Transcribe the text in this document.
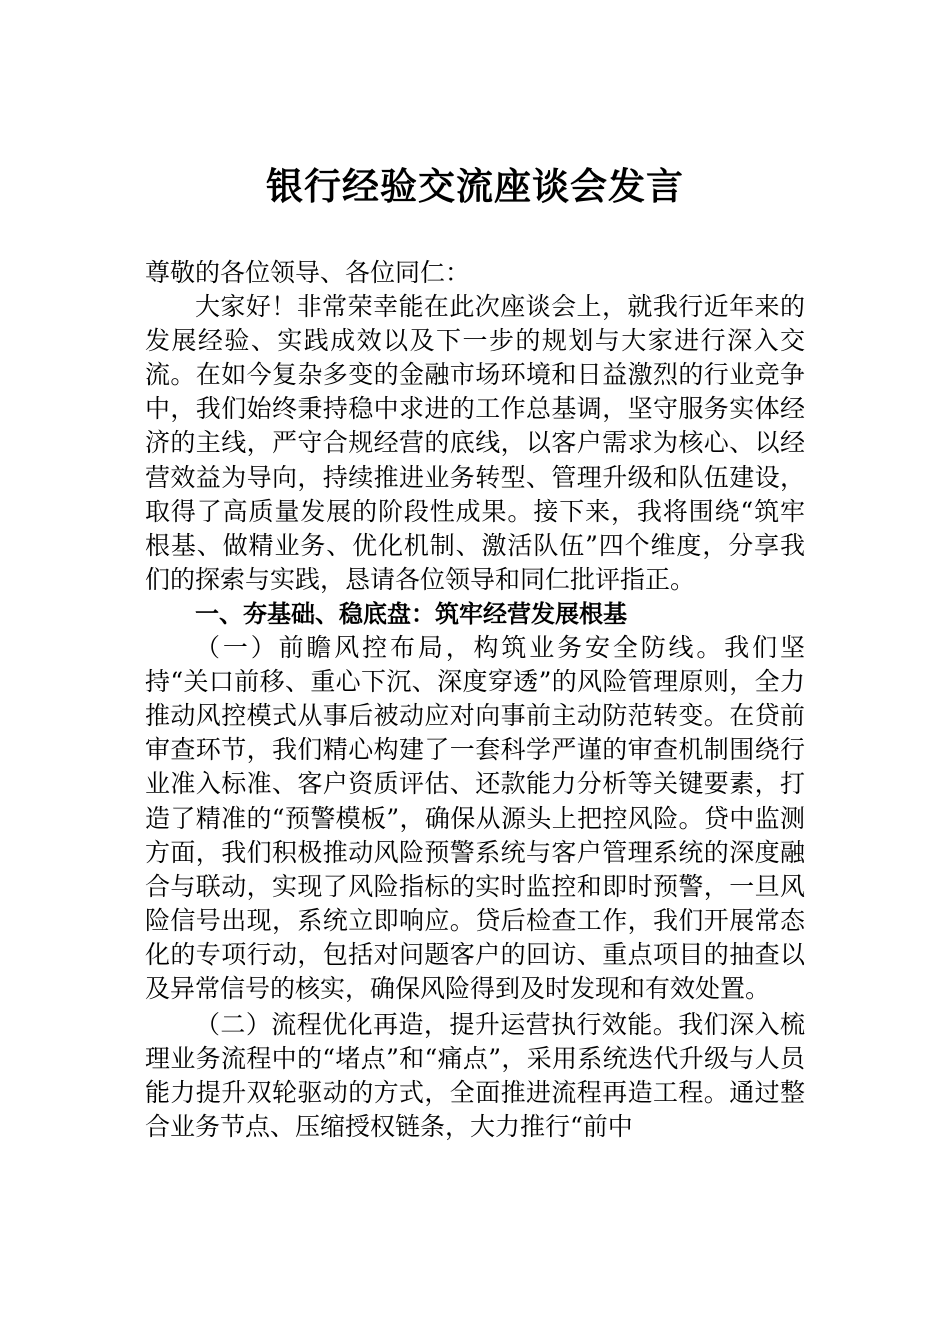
银行经验交流座谈会发言

尊敬的各位领导、各位同仁：

大家好！非常荣幸能在此次座谈会上，就我行近年来的发展经验、实践成效以及下一步的规划与大家进行深入交流。在如今复杂多变的金融市场环境和日益激烈的行业竞争中，我们始终秉持稳中求进的工作总基调，坚守服务实体经济的主线，严守合规经营的底线，以客户需求为核心、以经营效益为导向，持续推进业务转型、管理升级和队伍建设，取得了高质量发展的阶段性成果。接下来，我将围绕“筑牢根基、做精业务、优化机制、激活队伍”四个维度，分享我们的探索与实践，恳请各位领导和同仁批评指正。

一、夯基础、稳底盘：筑牢经营发展根基

（一）前瞻风控布局，构筑业务安全防线。我们坚持“关口前移、重心下沉、深度穿透”的风险管理原则，全力推动风控模式从事后被动应对向事前主动防范转变。在贷前审查环节，我们精心构建了一套科学严谨的审查机制围绕行业准入标准、客户资质评估、还款能力分析等关键要素，打造了精准的“预警模板”，确保从源头上把控风险。贷中监测方面，我们积极推动风险预警系统与客户管理系统的深度融合与联动，实现了风险指标的实时监控和即时预警，一旦风险信号出现，系统立即响应。贷后检查工作，我们开展常态化的专项行动，包括对问题客户的回访、重点项目的抽查以及异常信号的核实，确保风险得到及时发现和有效处置。

（二）流程优化再造，提升运营执行效能。我们深入梳理业务流程中的“堵点”和“痛点”，采用系统迭代升级与人员能力提升双轮驱动的方式，全面推进流程再造工程。通过整合业务节点、压缩授权链条，大力推行“前中
